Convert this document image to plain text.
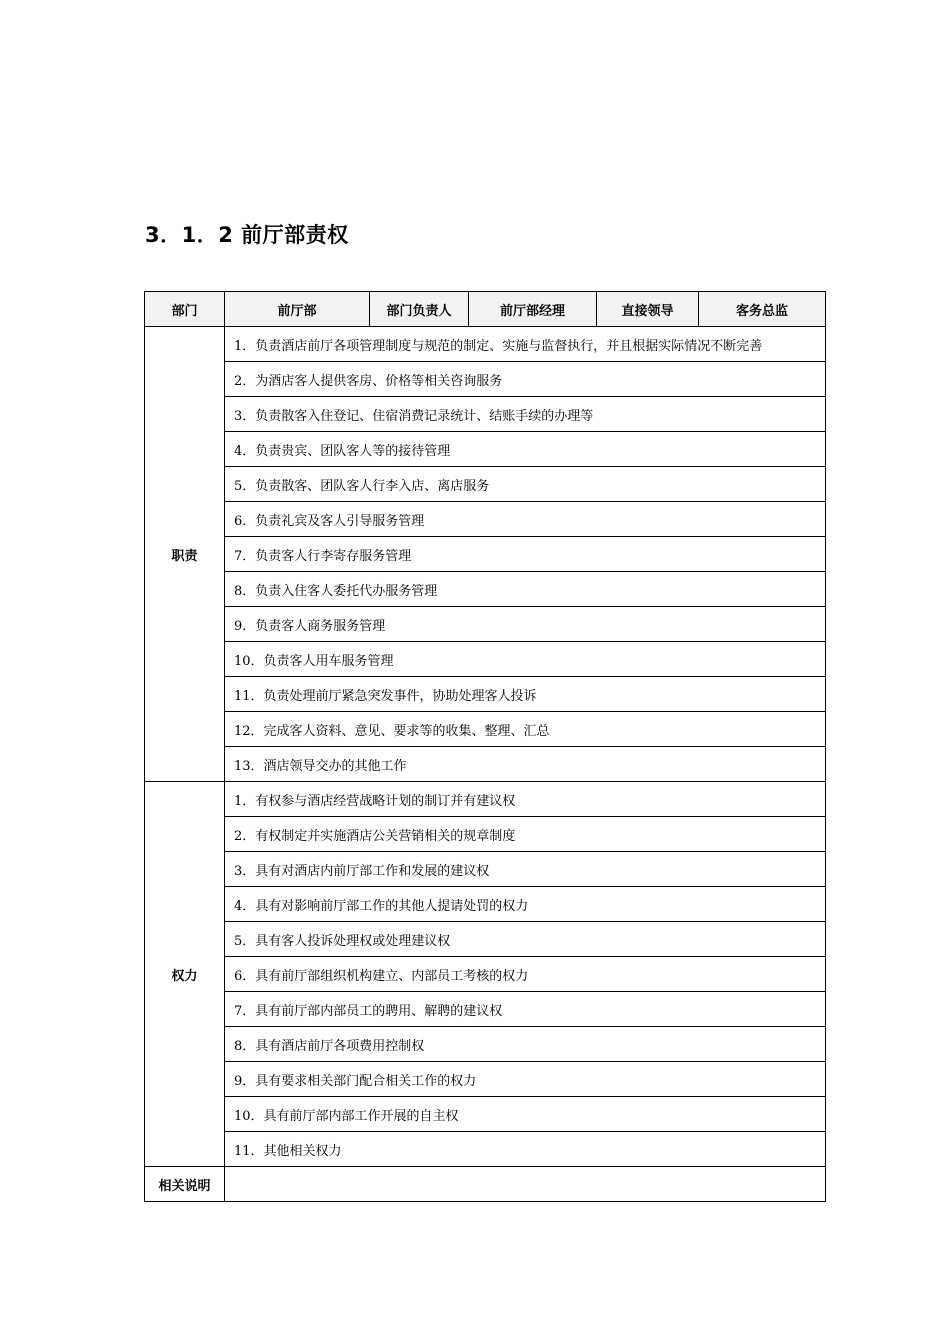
3．1．2 前厅部责权
部门	前厅部	部门负责人	前厅部经理	直接领导	客务总监
职责	1．负责酒店前厅各项管理制度与规范的制定、实施与监督执行，并且根据实际情况不断完善				
	2．为酒店客人提供客房、价格等相关咨询服务				
	3．负责散客入住登记、住宿消费记录统计、结账手续的办理等				
	4．负责贵宾、团队客人等的接待管理				
	5．负责散客、团队客人行李入店、离店服务				
	6．负责礼宾及客人引导服务管理				
	7．负责客人行李寄存服务管理				
	8．负责入住客人委托代办服务管理				
	9．负责客人商务服务管理				
	10．负责客人用车服务管理				
	11．负责处理前厅紧急突发事件，协助处理客人投诉				
	12．完成客人资料、意见、要求等的收集、整理、汇总				
	13．酒店领导交办的其他工作				
权力	1．有权参与酒店经营战略计划的制订并有建议权				
	2．有权制定并实施酒店公关营销相关的规章制度				
	3．具有对酒店内前厅部工作和发展的建议权				
	4．具有对影响前厅部工作的其他人提请处罚的权力				
	5．具有客人投诉处理权或处理建议权				
	6．具有前厅部组织机构建立、内部员工考核的权力				
	7．具有前厅部内部员工的聘用、解聘的建议权				
	8．具有酒店前厅各项费用控制权				
	9．具有要求相关部门配合相关工作的权力				
	10．具有前厅部内部工作开展的自主权				
	11．其他相关权力				
相关说明					
